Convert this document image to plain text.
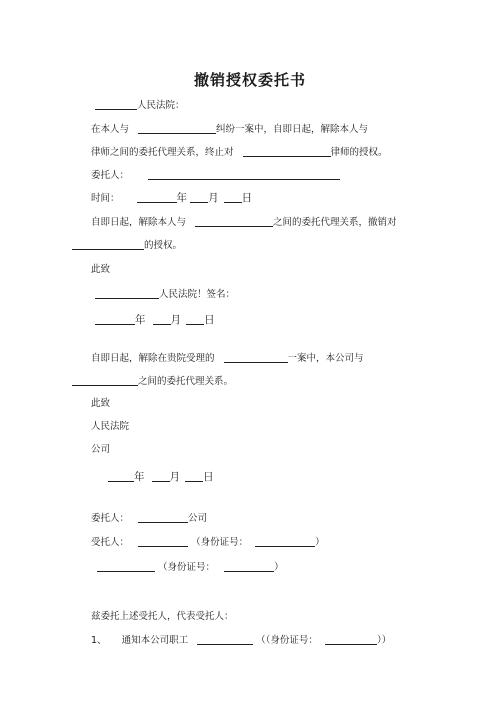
撤销授权委托书
人民法院：
在本人与	纠纷一案中，自即日起，解除本人与
律师之间的委托代理关系，终止对	律师的授权。
委托人：
时间：	年 月 日
自即日起，解除本人与	之间的委托代理关系，撤销对
的授权。
此致
人民法院！签名：
年 月 日
自即日起，解除在贵院受理的	一案中，本公司与
之间的委托代理关系。
此致
人民法院
公司
年 月 日
委托人：	公司
受托人：	（身份证号：	）
（身份证号：	）
兹委托上述受托人，代表受托人：
1、 通知本公司职工	（（身份证号：	））
